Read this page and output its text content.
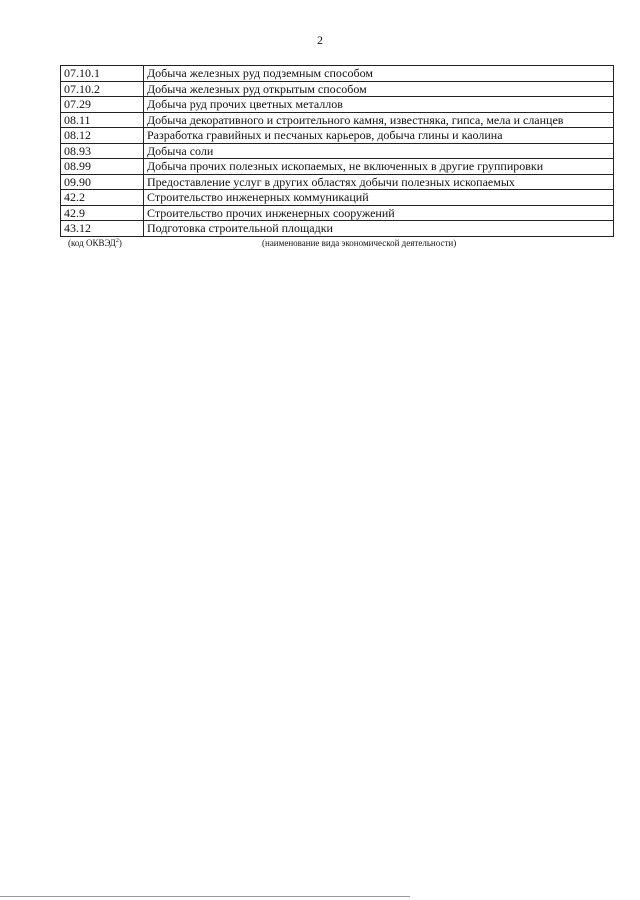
2
07.10.1	Добыча железных руд подземным способом
07.10.2	Добыча железных руд открытым способом
07.29	Добыча руд прочих цветных металлов
08.11	Добыча декоративного и строительного камня, известняка, гипса, мела и сланцев
08.12	Разработка гравийных и песчаных карьеров, добыча глины и каолина
08.93	Добыча соли
08.99	Добыча прочих полезных ископаемых, не включенных в другие группировки
09.90	Предоставление услуг в других областях добычи полезных ископаемых
42.2	Строительство инженерных коммуникаций
42.9	Строительство прочих инженерных сооружений
43.12	Подготовка строительной площадки
(код ОКВЭД$^2$)	(наименование вида экономической деятельности)
